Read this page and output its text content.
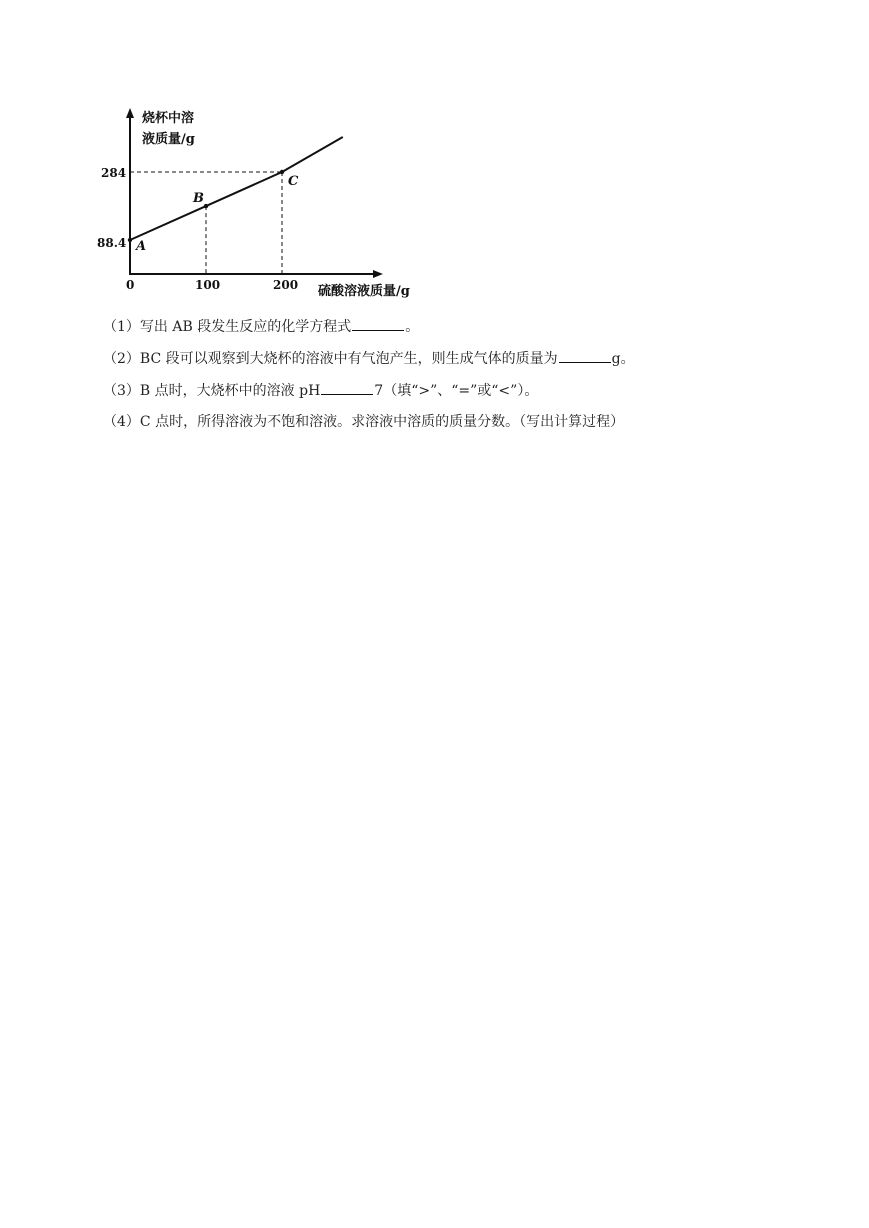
烧杯中溶
液质量/g
硫酸溶液质量/g
284
88.4
0	100	200
A
B
C
（1）写出 AB 段发生反应的化学方程式	。
（2）BC 段可以观察到大烧杯的溶液中有气泡产生，则生成气体的质量为	g。
（3）B 点时，大烧杯中的溶液 pH	7（填“>”、“=”或“<”）。
（4）C 点时，所得溶液为不饱和溶液。求溶液中溶质的质量分数。（写出计算过程）
